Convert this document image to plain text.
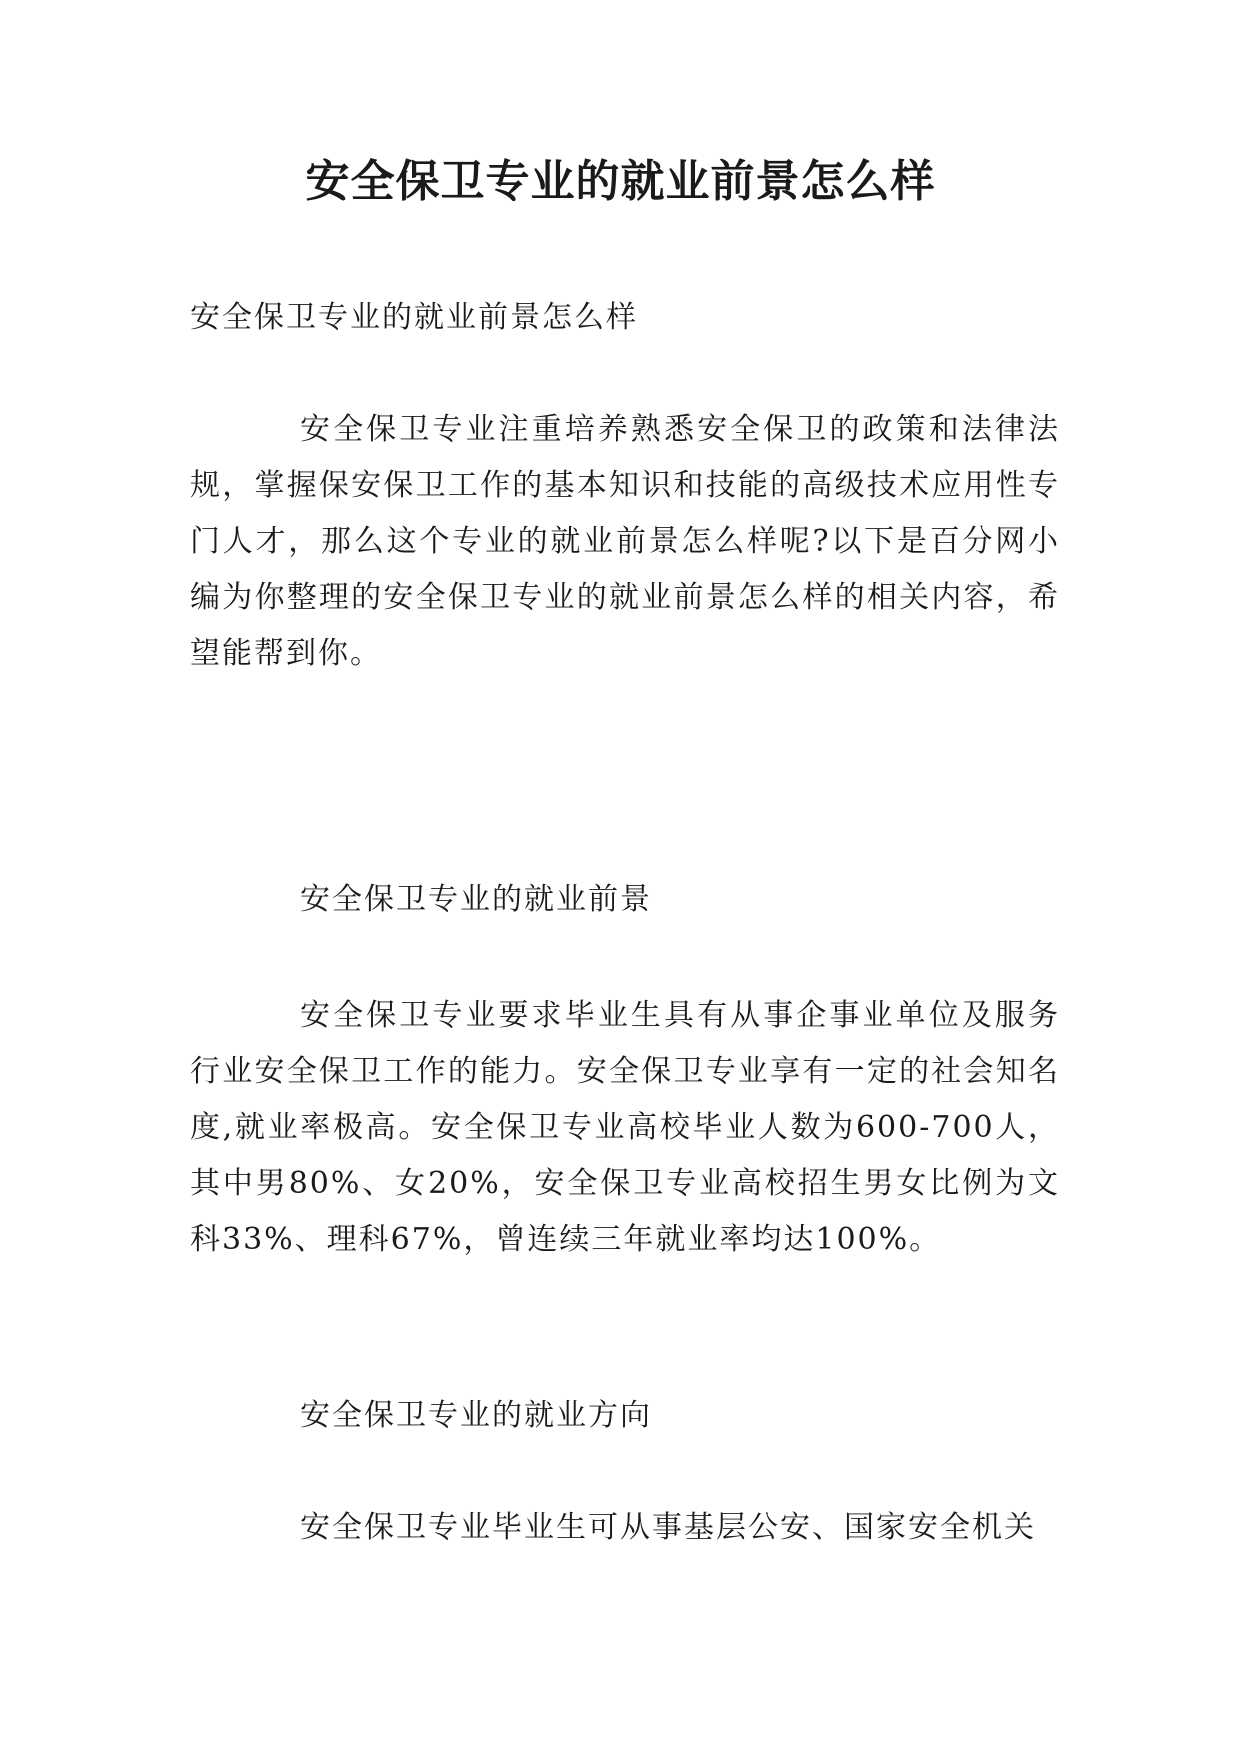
安全保卫专业的就业前景怎么样
安全保卫专业的就业前景怎么样
安全保卫专业注重培养熟悉安全保卫的政策和法律法规，掌握保安保卫工作的基本知识和技能的高级技术应用性专门人才，那么这个专业的就业前景怎么样呢?以下是百分网小编为你整理的安全保卫专业的就业前景怎么样的相关内容，希望能帮到你。
安全保卫专业的就业前景
安全保卫专业要求毕业生具有从事企事业单位及服务行业安全保卫工作的能力。安全保卫专业享有一定的社会知名度,就业率极高。安全保卫专业高校毕业人数为600-700人，其中男80%、女20%，安全保卫专业高校招生男女比例为文科33%、理科67%，曾连续三年就业率均达100%。
安全保卫专业的就业方向
安全保卫专业毕业生可从事基层公安、国家安全机关
